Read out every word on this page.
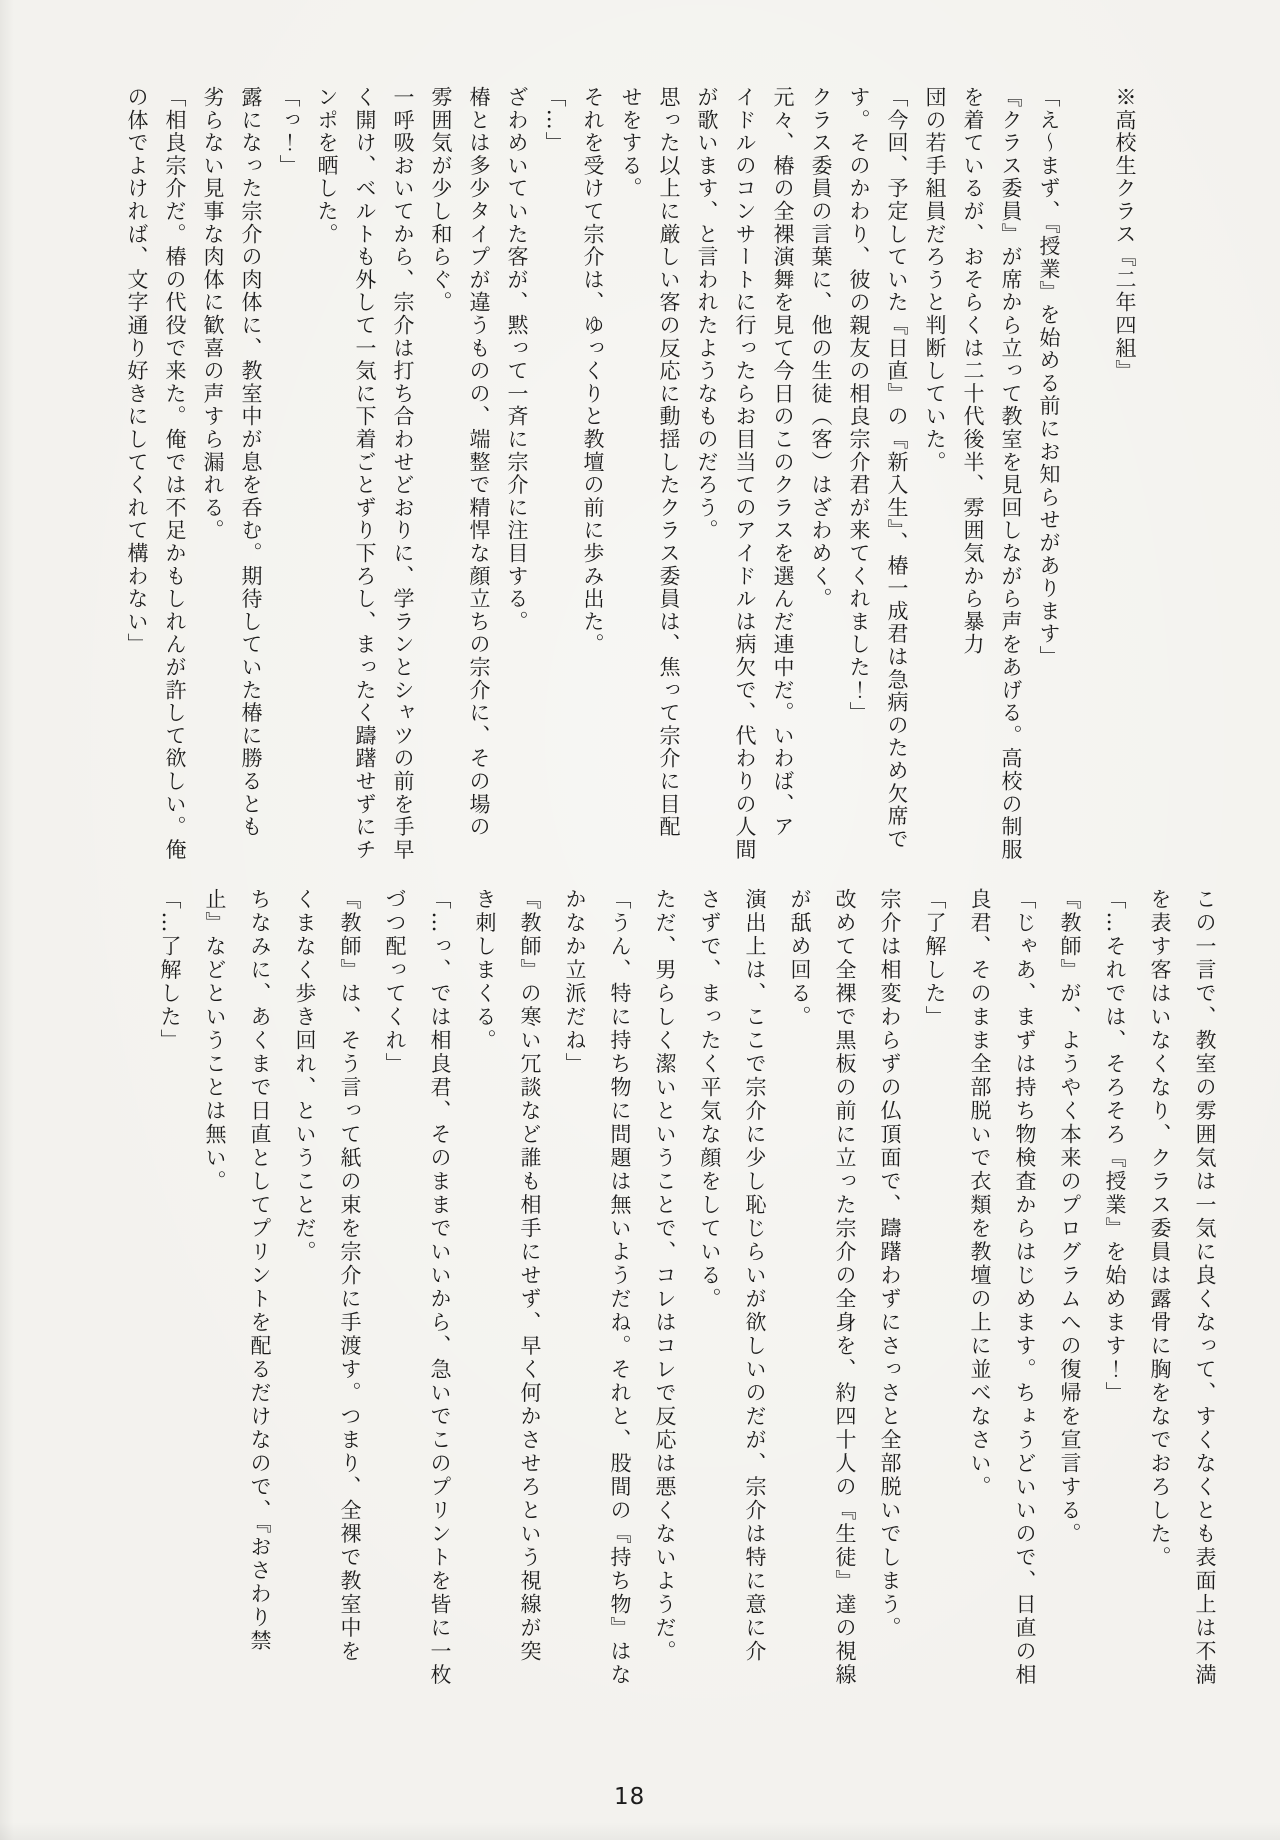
※高校生クラス『二年四組』

「え～まず、『授業』を始める前にお知らせがあります」
『クラス委員』が席から立って教室を見回しながら声をあげる。高校の制服
を着ているが、おそらくは二十代後半、雰囲気から暴力
団の若手組員だろうと判断していた。
「今回、予定していた『日直』の『新入生』、椿一成君は急病のため欠席で
す。そのかわり、彼の親友の相良宗介君が来てくれました！」
クラス委員の言葉に、他の生徒（客）はざわめく。
元々、椿の全裸演舞を見て今日のこのクラスを選んだ連中だ。いわば、ア
イドルのコンサートに行ったらお目当てのアイドルは病欠で、代わりの人間
が歌います、と言われたようなものだろう。
思った以上に厳しい客の反応に動揺したクラス委員は、焦って宗介に目配
せをする。
それを受けて宗介は、ゆっくりと教壇の前に歩み出た。
「…」
ざわめいていた客が、黙って一斉に宗介に注目する。
椿とは多少タイプが違うものの、端整で精悍な顔立ちの宗介に、その場の
雰囲気が少し和らぐ。
一呼吸おいてから、宗介は打ち合わせどおりに、学ランとシャツの前を手早
く開け、ベルトも外して一気に下着ごとずり下ろし、まったく躊躇せずにチ
ンポを晒した。
「っ！」
露になった宗介の肉体に、教室中が息を呑む。期待していた椿に勝るとも
劣らない見事な肉体に歓喜の声すら漏れる。
「相良宗介だ。椿の代役で来た。俺では不足かもしれんが許して欲しい。俺
の体でよければ、文字通り好きにしてくれて構わない」
この一言で、教室の雰囲気は一気に良くなって、すくなくとも表面上は不満
を表す客はいなくなり、クラス委員は露骨に胸をなでおろした。
「…それでは、そろそろ『授業』を始めます！」
『教師』が、ようやく本来のプログラムへの復帰を宣言する。
「じゃあ、まずは持ち物検査からはじめます。ちょうどいいので、日直の相
良君、そのまま全部脱いで衣類を教壇の上に並べなさい。
「了解した」
宗介は相変わらずの仏頂面で、躊躇わずにさっさと全部脱いでしまう。
改めて全裸で黒板の前に立った宗介の全身を、約四十人の『生徒』達の視線
が舐め回る。
演出上は、ここで宗介に少し恥じらいが欲しいのだが、宗介は特に意に介
さずで、まったく平気な顔をしている。
ただ、男らしく潔いということで、コレはコレで反応は悪くないようだ。
「うん、特に持ち物に問題は無いようだね。それと、股間の『持ち物』はな
かなか立派だね」
『教師』の寒い冗談など誰も相手にせず、早く何かさせろという視線が突
き刺しまくる。
「…っ、では相良君、そのままでいいから、急いでこのプリントを皆に一枚
づつ配ってくれ」
『教師』は、そう言って紙の束を宗介に手渡す。つまり、全裸で教室中を
くまなく歩き回れ、ということだ。
ちなみに、あくまで日直としてプリントを配るだけなので、『おさわり禁
止』などということは無い。
「…了解した」
18
